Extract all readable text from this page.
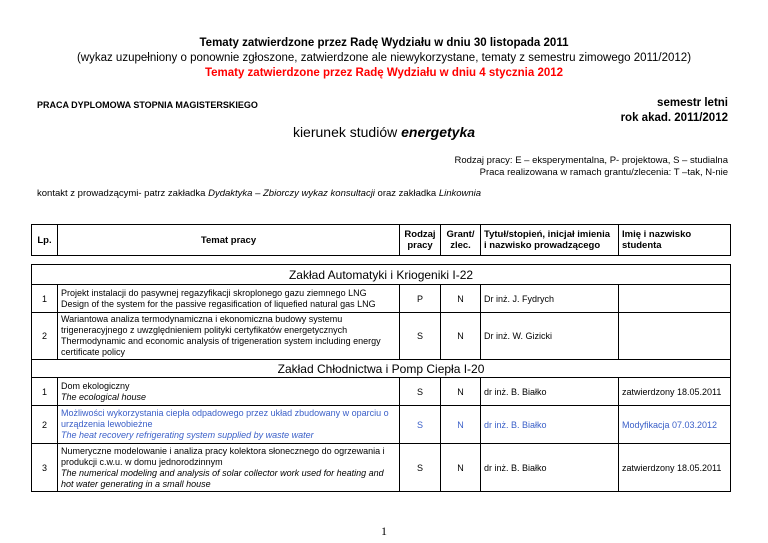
Tematy zatwierdzone przez Radę Wydziału w dniu 30 listopada 2011
(wykaz uzupełniony o ponownie zgłoszone, zatwierdzone ale niewykorzystane, tematy z semestru zimowego 2011/2012)
Tematy zatwierdzone przez Radę Wydziału w dniu 4 stycznia 2012
PRACA DYPLOMOWA STOPNIA MAGISTERSKIEGO	semestr letni
rok akad. 2011/2012
kierunek studiów energetyka
Rodzaj pracy: E – eksperymentalna, P- projektowa, S – studialna
Praca realizowana w ramach grantu/zlecenia: T –tak, N-nie
kontakt z prowadzącymi- patrz zakładka Dydaktyka – Zbiorczy wykaz konsultacji oraz zakładka Linkownia
Lp.	Temat pracy	Rodzaj pracy	Grant/ zlec.	Tytuł/stopień, inicjał imienia i nazwisko prowadzącego	Imię i nazwisko studenta
Zakład Automatyki i Kriogeniki I-22					
1	Projekt instalacji do pasywnej regazyfikacji skroplonego gazu ziemnego LNG
Design of the system for the passive regasification of liquefied natural gas LNG	P	N	Dr inż. J. Fydrych	
2	Wariantowa analiza termodynamiczna i ekonomiczna budowy systemu trigeneracyjnego z uwzględnieniem polityki certyfikatów energetycznych
Thermodynamic and economic analysis of trigeneration system including energy certificate policy	S	N	Dr inż. W. Gizicki	
Zakład Chłodnictwa i Pomp Ciepła I-20					
1	Dom ekologiczny
The ecological house	S	N	dr inż. B. Białko	zatwierdzony 18.05.2011
2	Możliwości wykorzystania ciepła odpadowego przez układ zbudowany w oparciu o urządzenia lewobieżne
The heat recovery refrigerating system supplied by waste water	S	N	dr inż. B. Białko	Modyfikacja 07.03.2012
3	Numeryczne modelowanie i analiza pracy kolektora słonecznego do ogrzewania i produkcji c.w.u. w domu jednorodzinnym
The numerical modeling and analysis of solar collector work used for heating and hot water generating in a small house	S	N	dr inż. B. Białko	zatwierdzony 18.05.2011
1
